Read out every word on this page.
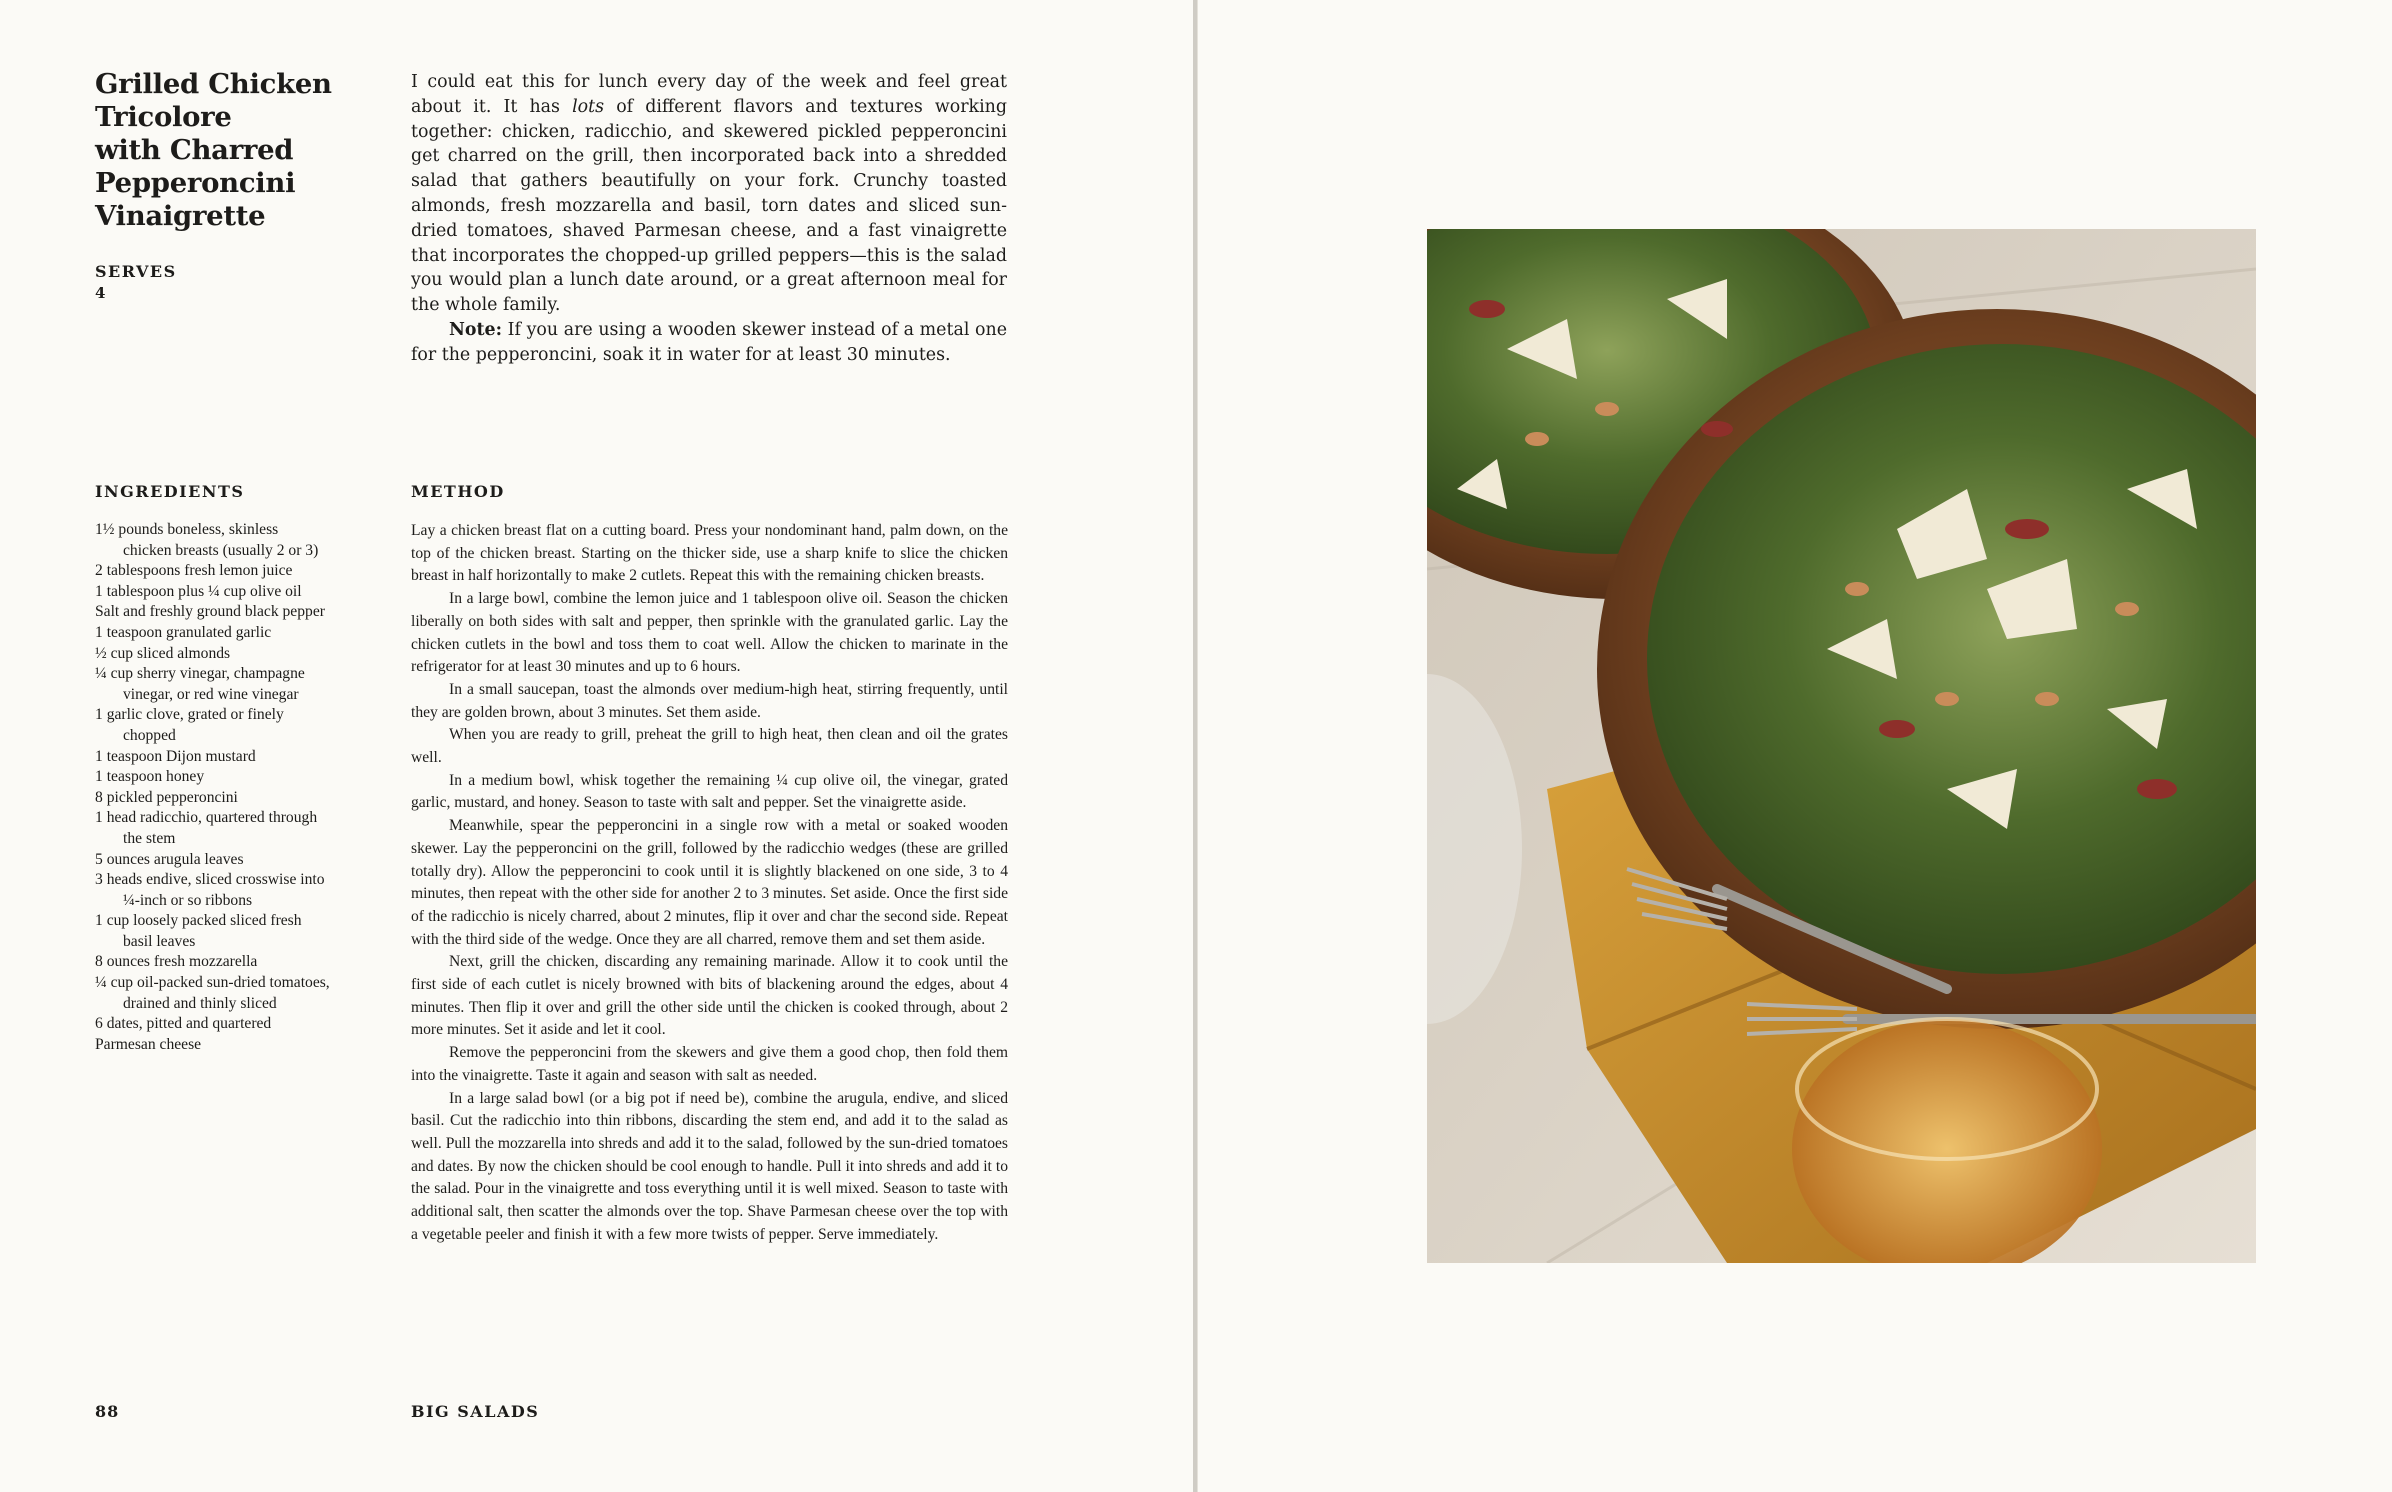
Grilled Chicken
Tricolore
with Charred
Pepperoncini
Vinaigrette
SERVES
4

I could eat this for lunch every day of the week and feel great about it. It has lots of different flavors and textures working together: chicken, radicchio, and skewered pickled pepperoncini get charred on the grill, then incorporated back into a shredded salad that gathers beautifully on your fork. Crunchy toasted almonds, fresh mozzarella and basil, torn dates and sliced sun-dried tomatoes, shaved Parmesan cheese, and a fast vinaigrette that incorporates the chopped-up grilled peppers—this is the salad you would plan a lunch date around, or a great afternoon meal for the whole family.

Note: If you are using a wooden skewer instead of a metal one for the pepperoncini, soak it in water for at least 30 minutes.

INGREDIENTS	METHOD
1½ pounds boneless, skinless chicken breasts (usually 2 or 3)
2 tablespoons fresh lemon juice
1 tablespoon plus ¼ cup olive oil
Salt and freshly ground black pepper
1 teaspoon granulated garlic
½ cup sliced almonds
¼ cup sherry vinegar, champagne vinegar, or red wine vinegar
1 garlic clove, grated or finely chopped
1 teaspoon Dijon mustard
1 teaspoon honey
8 pickled pepperoncini
1 head radicchio, quartered through the stem
5 ounces arugula leaves
3 heads endive, sliced crosswise into ¼-inch or so ribbons
1 cup loosely packed sliced fresh basil leaves
8 ounces fresh mozzarella
¼ cup oil-packed sun-dried tomatoes, drained and thinly sliced
6 dates, pitted and quartered
Parmesan cheese

Lay a chicken breast flat on a cutting board. Press your nondominant hand, palm down, on the top of the chicken breast. Starting on the thicker side, use a sharp knife to slice the chicken breast in half horizontally to make 2 cutlets. Repeat this with the remaining chicken breasts.

In a large bowl, combine the lemon juice and 1 tablespoon olive oil. Season the chicken liberally on both sides with salt and pepper, then sprinkle with the granulated garlic. Lay the chicken cutlets in the bowl and toss them to coat well. Allow the chicken to marinate in the refrigerator for at least 30 minutes and up to 6 hours.

In a small saucepan, toast the almonds over medium-high heat, stirring frequently, until they are golden brown, about 3 minutes. Set them aside.

When you are ready to grill, preheat the grill to high heat, then clean and oil the grates well.

In a medium bowl, whisk together the remaining ¼ cup olive oil, the vinegar, grated garlic, mustard, and honey. Season to taste with salt and pepper. Set the vinaigrette aside.

Meanwhile, spear the pepperoncini in a single row with a metal or soaked wooden skewer. Lay the pepperoncini on the grill, followed by the radicchio wedges (these are grilled totally dry). Allow the pepperoncini to cook until it is slightly blackened on one side, 3 to 4 minutes, then repeat with the other side for another 2 to 3 minutes. Set aside. Once the first side of the radicchio is nicely charred, about 2 minutes, flip it over and char the second side. Repeat with the third side of the wedge. Once they are all charred, remove them and set them aside.

Next, grill the chicken, discarding any remaining marinade. Allow it to cook until the first side of each cutlet is nicely browned with bits of blackening around the edges, about 4 minutes. Then flip it over and grill the other side until the chicken is cooked through, about 2 more minutes. Set it aside and let it cool.

Remove the pepperoncini from the skewers and give them a good chop, then fold them into the vinaigrette. Taste it again and season with salt as needed.

In a large salad bowl (or a big pot if need be), combine the arugula, endive, and sliced basil. Cut the radicchio into thin ribbons, discarding the stem end, and add it to the salad as well. Pull the mozzarella into shreds and add it to the salad, followed by the sun-dried tomatoes and dates. By now the chicken should be cool enough to handle. Pull it into shreds and add it to the salad. Pour in the vinaigrette and toss everything until it is well mixed. Season to taste with additional salt, then scatter the almonds over the top. Shave Parmesan cheese over the top with a vegetable peeler and finish it with a few more twists of pepper. Serve immediately.

88	BIG SALADS
